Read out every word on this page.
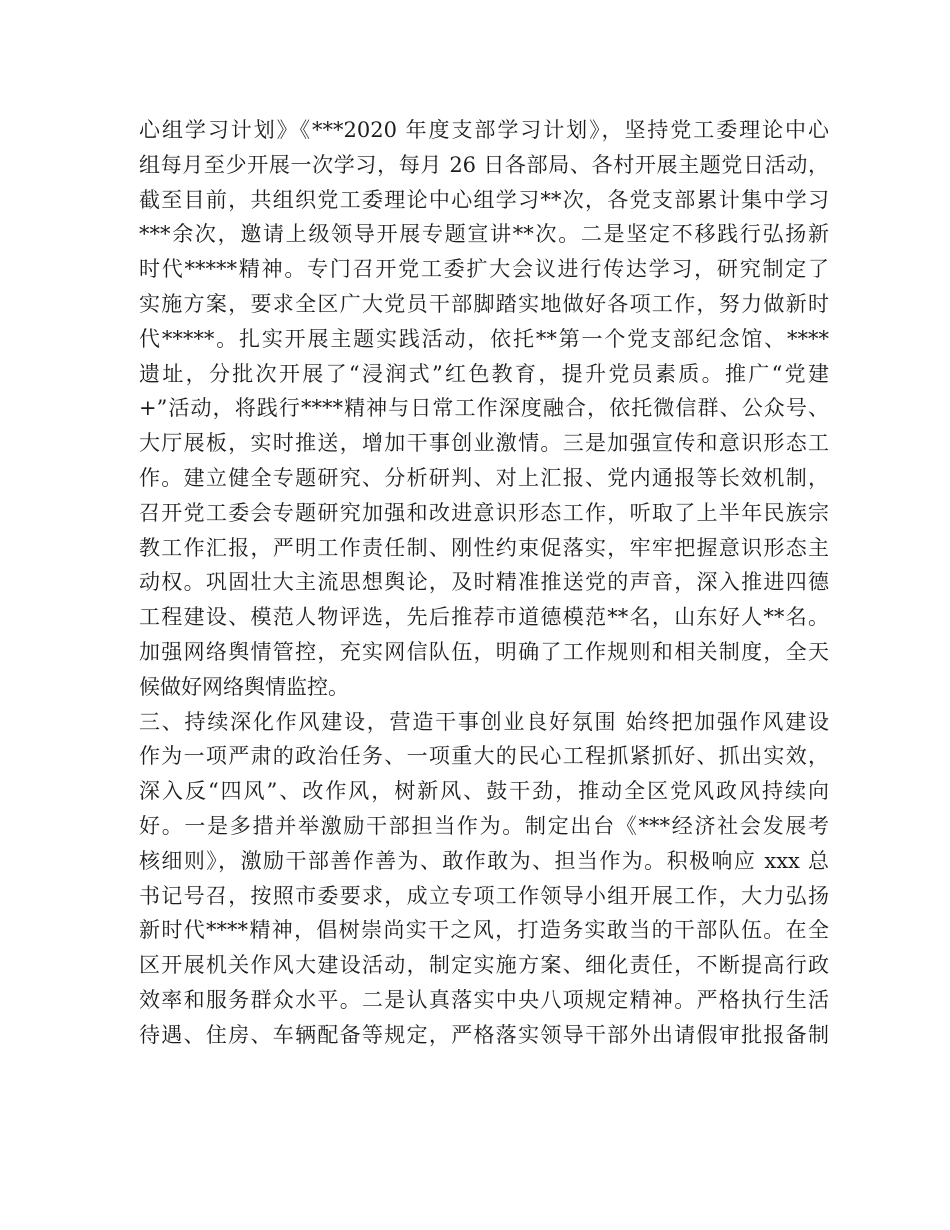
心组学习计划》《***2020 年度支部学习计划》，坚持党工委理论中心
组每月至少开展一次学习，每月 26 日各部局、各村开展主题党日活动，
截至目前，共组织党工委理论中心组学习**次，各党支部累计集中学习
***余次，邀请上级领导开展专题宣讲**次。二是坚定不移践行弘扬新
时代*****精神。专门召开党工委扩大会议进行传达学习，研究制定了
实施方案，要求全区广大党员干部脚踏实地做好各项工作，努力做新时
代*****。扎实开展主题实践活动，依托**第一个党支部纪念馆、****
遗址，分批次开展了“浸润式”红色教育，提升党员素质。推广“党建
+”活动，将践行****精神与日常工作深度融合，依托微信群、公众号、
大厅展板，实时推送，增加干事创业激情。三是加强宣传和意识形态工
作。建立健全专题研究、分析研判、对上汇报、党内通报等长效机制，
召开党工委会专题研究加强和改进意识形态工作，听取了上半年民族宗
教工作汇报，严明工作责任制、刚性约束促落实，牢牢把握意识形态主
动权。巩固壮大主流思想舆论，及时精准推送党的声音，深入推进四德
工程建设、模范人物评选，先后推荐市道德模范**名，山东好人**名。
加强网络舆情管控，充实网信队伍，明确了工作规则和相关制度，全天
候做好网络舆情监控。
三、持续深化作风建设，营造干事创业良好氛围 始终把加强作风建设
作为一项严肃的政治任务、一项重大的民心工程抓紧抓好、抓出实效，
深入反“四风”、改作风，树新风、鼓干劲，推动全区党风政风持续向
好。一是多措并举激励干部担当作为。制定出台《***经济社会发展考
核细则》，激励干部善作善为、敢作敢为、担当作为。积极响应 xxx 总
书记号召，按照市委要求，成立专项工作领导小组开展工作，大力弘扬
新时代****精神，倡树崇尚实干之风，打造务实敢当的干部队伍。在全
区开展机关作风大建设活动，制定实施方案、细化责任，不断提高行政
效率和服务群众水平。二是认真落实中央八项规定精神。严格执行生活
待遇、住房、车辆配备等规定，严格落实领导干部外出请假审批报备制
